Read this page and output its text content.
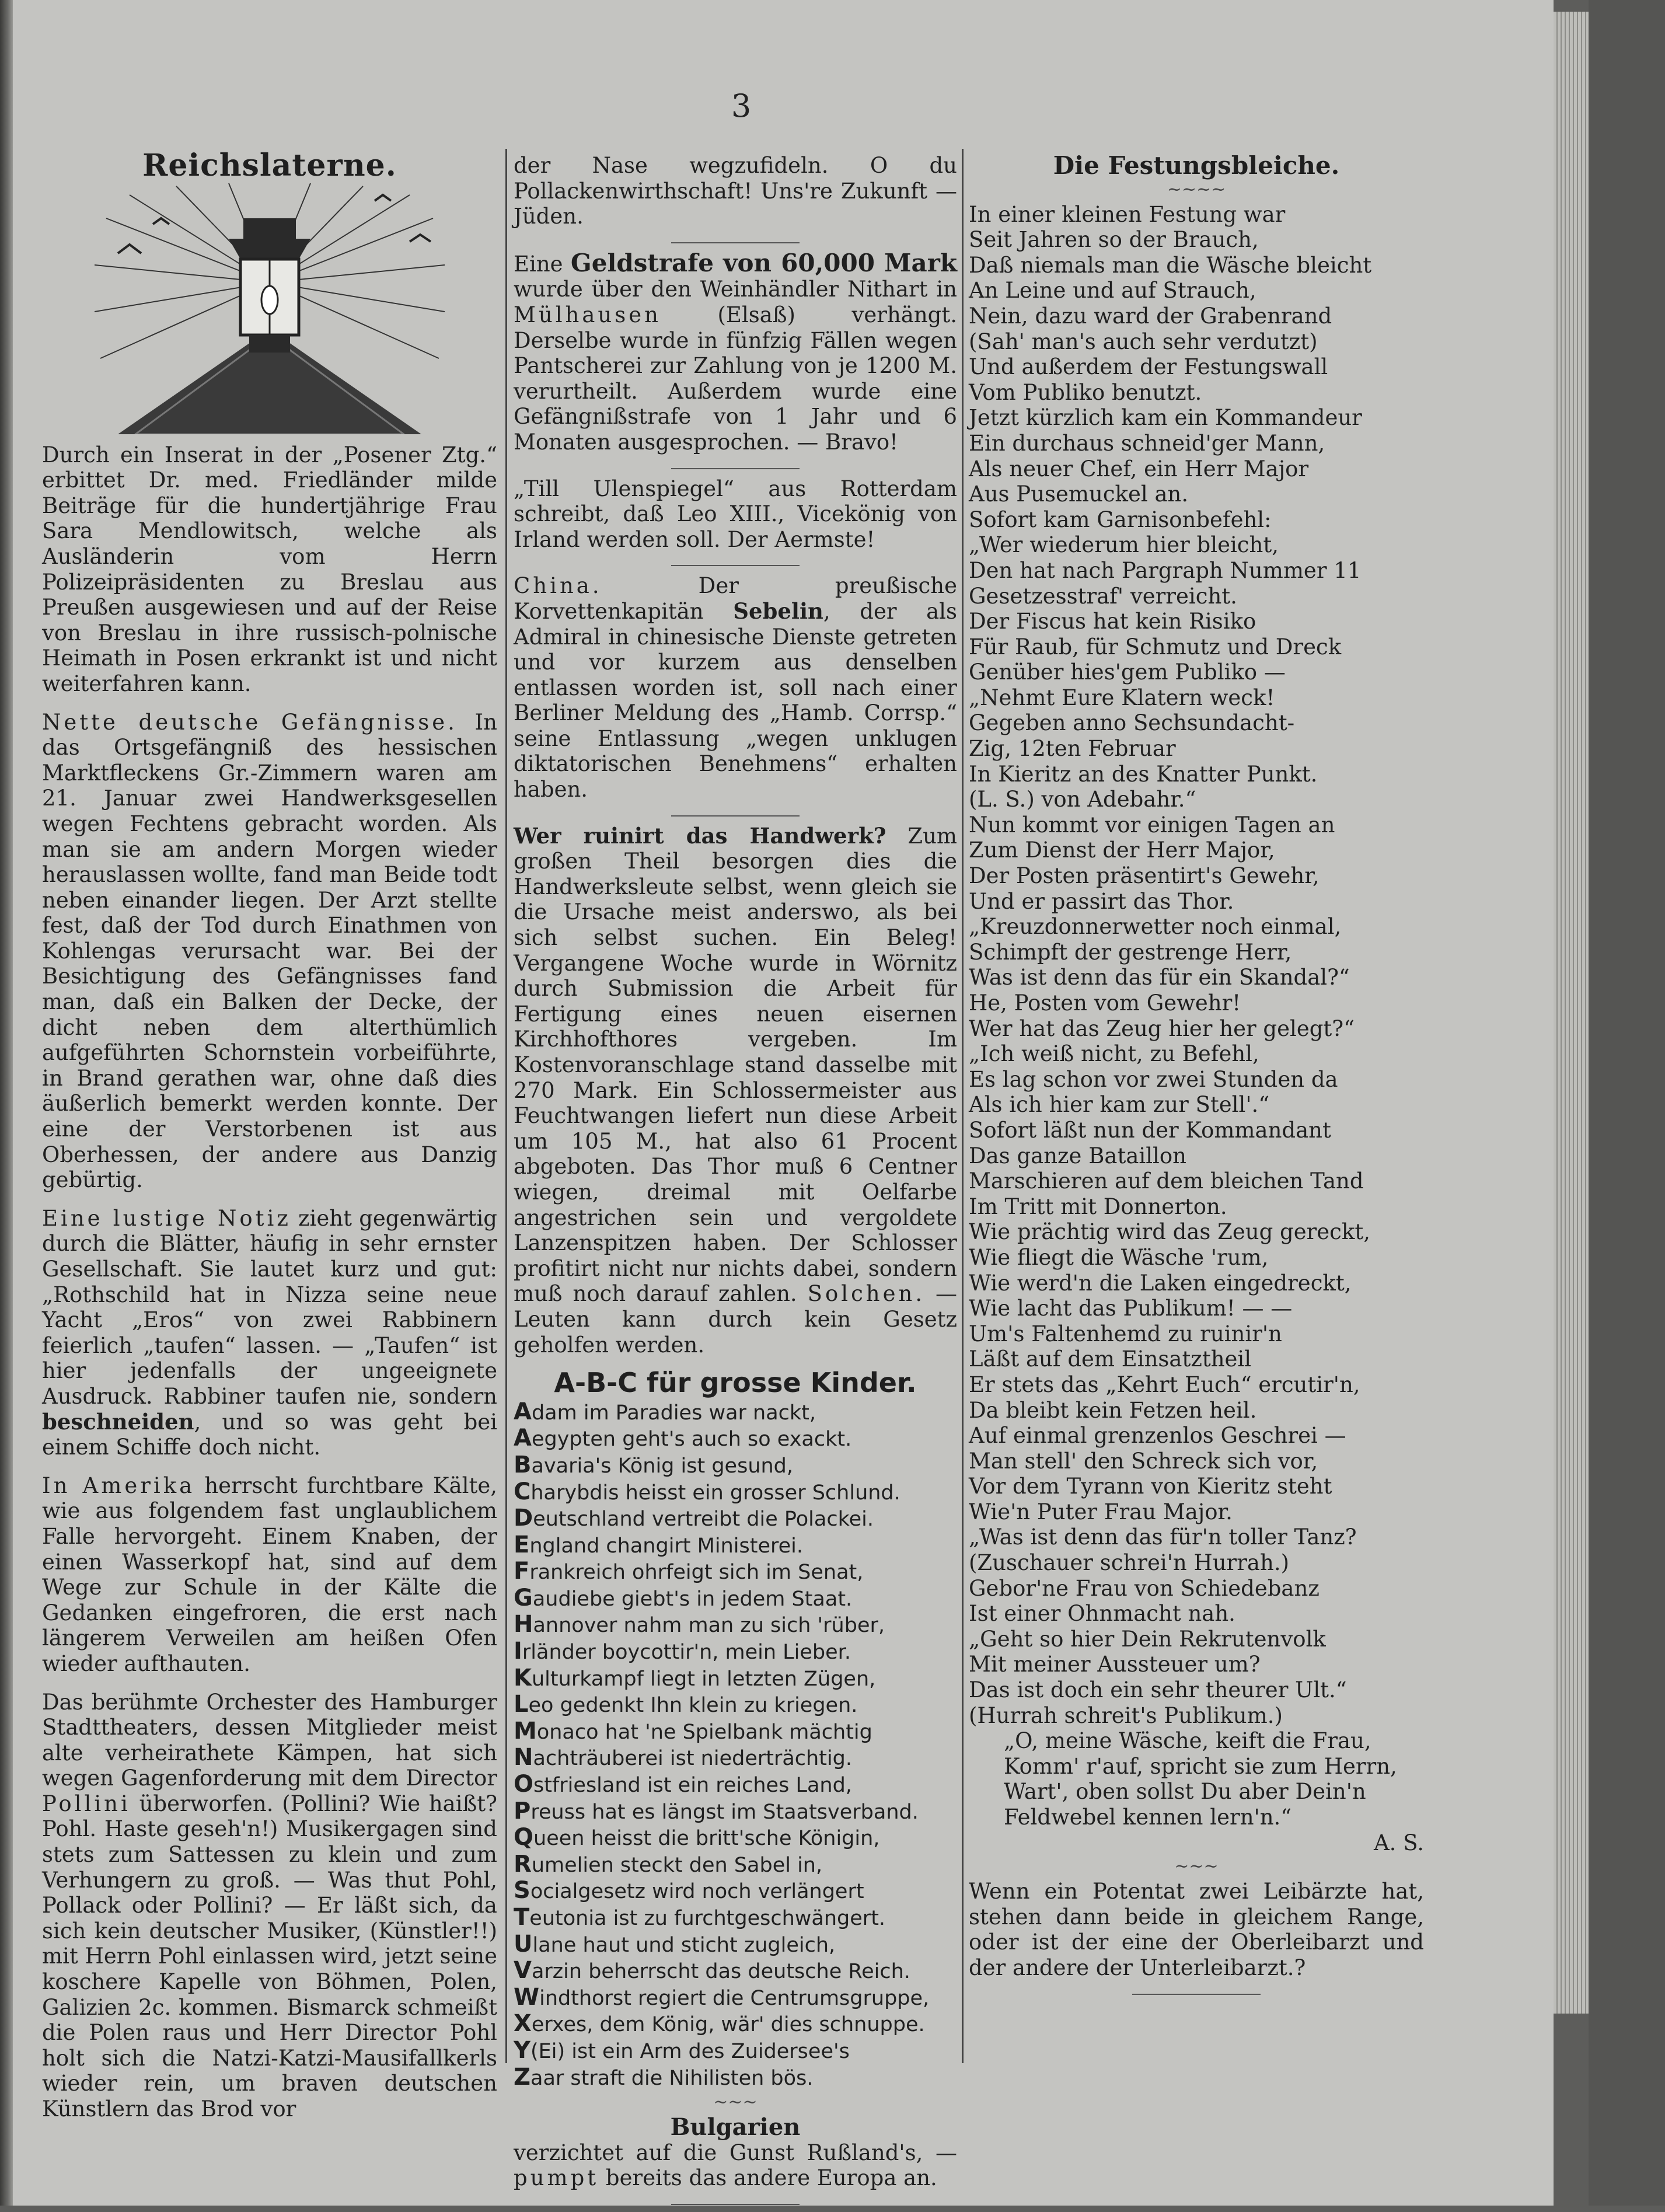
3
Reichslaterne.

Durch ein Inserat in der „Posener Ztg.“ erbittet Dr. med. Friedländer milde Beiträge für die hundertjährige Frau Sara Mendlowitsch, welche als Ausländerin vom Herrn Polizeipräsidenten zu Breslau aus Preußen ausgewiesen und auf der Reise von Breslau in ihre russisch-polnische Heimath in Posen erkrankt ist und nicht weiterfahren kann.

Nette deutsche Gefängnisse. In das Ortsgefängniß des hessischen Marktfleckens Gr.-Zimmern waren am 21. Januar zwei Handwerksgesellen wegen Fechtens gebracht worden. Als man sie am andern Morgen wieder herauslassen wollte, fand man Beide todt neben einander liegen. Der Arzt stellte fest, daß der Tod durch Einathmen von Kohlengas verursacht war. Bei der Besichtigung des Gefängnisses fand man, daß ein Balken der Decke, der dicht neben dem alterthümlich aufgeführten Schornstein vorbeiführte, in Brand gerathen war, ohne daß dies äußerlich bemerkt werden konnte. Der eine der Verstorbenen ist aus Oberhessen, der andere aus Danzig gebürtig.

Eine lustige Notiz zieht gegenwärtig durch die Blätter, häufig in sehr ernster Gesellschaft. Sie lautet kurz und gut: „Rothschild hat in Nizza seine neue Yacht „Eros“ von zwei Rabbinern feierlich „taufen“ lassen. — „Taufen“ ist hier jedenfalls der ungeeignete Ausdruck. Rabbiner taufen nie, sondern beschneiden, und so was geht bei einem Schiffe doch nicht.

In Amerika herrscht furchtbare Kälte, wie aus folgendem fast unglaublichem Falle hervorgeht. Einem Knaben, der einen Wasserkopf hat, sind auf dem Wege zur Schule in der Kälte die Gedanken eingefroren, die erst nach längerem Verweilen am heißen Ofen wieder aufthauten.

Das berühmte Orchester des Hamburger Stadttheaters, dessen Mitglieder meist alte verheirathete Kämpen, hat sich wegen Gagenforderung mit dem Director Pollini überworfen. (Pollini? Wie haißt? Pohl. Haste geseh'n!) Musikergagen sind stets zum Sattessen zu klein und zum Verhungern zu groß. — Was thut Pohl, Pollack oder Pollini? — Er läßt sich, da sich kein deutscher Musiker, (Künstler!!) mit Herrn Pohl einlassen wird, jetzt seine koschere Kapelle von Böhmen, Polen, Galizien 2c. kommen. Bismarck schmeißt die Polen raus und Herr Director Pohl holt sich die Natzi-Katzi-Mausifallkerls wieder rein, um braven deutschen Künstlern das Brod vor

der Nase wegzufideln. O du Pollackenwirthschaft! Uns're Zukunft — Jüden.

Eine Geldstrafe von 60,000 Mark wurde über den Weinhändler Nithart in Mülhausen	(Elsaß) verhängt. Derselbe wurde in fünfzig Fällen wegen Pantscherei zur Zahlung von je 1200 M. verurtheilt. Außerdem wurde eine Gefängnißstrafe von 1 Jahr und 6 Monaten ausgesprochen. — Bravo!

„Till Ulenspiegel“ aus Rotterdam schreibt, daß Leo XIII., Vicekönig von Irland werden soll. Der Aermste!

China.	Der preußische Korvettenkapitän Sebelin, der als Admiral in chinesische Dienste getreten und vor kurzem aus denselben entlassen worden ist, soll nach einer Berliner Meldung des „Hamb. Corrsp.“ seine Entlassung „wegen unklugen diktatorischen Benehmens“ erhalten haben.

Wer ruinirt das Handwerk? Zum großen Theil besorgen dies die Handwerksleute selbst, wenn gleich sie die Ursache meist anderswo, als bei sich selbst suchen. Ein Beleg! Vergangene Woche wurde in Wörnitz durch Submission die Arbeit für Fertigung eines neuen eisernen Kirchhofthores vergeben. Im Kostenvoranschlage stand dasselbe mit 270 Mark. Ein Schlossermeister aus Feuchtwangen liefert nun diese Arbeit um 105 M., hat also 61 Procent abgeboten. Das Thor muß 6 Centner wiegen, dreimal mit Oelfarbe angestrichen sein und vergoldete Lanzenspitzen haben. Der Schlosser profitirt nicht nur nichts dabei, sondern muß noch darauf zahlen. Solchen. — Leuten kann durch kein Gesetz geholfen werden.

A-B-C für grosse Kinder.
Adam im Paradies war nackt,
Aegypten geht's auch so exackt.
Bavaria's König ist gesund,
Charybdis heisst ein grosser Schlund.
Deutschland vertreibt die Polackei.
England changirt Ministerei.
Frankreich ohrfeigt sich im Senat,
Gaudiebe giebt's in jedem Staat.
Hannover nahm man zu sich 'rüber,
Irländer boycottir'n, mein Lieber.
Kulturkampf liegt in letzten Zügen,
Leo gedenkt Ihn klein zu kriegen.
Monaco hat 'ne Spielbank mächtig
Nachträuberei ist niederträchtig.
Ostfriesland ist ein reiches Land,
Preuss hat es längst im Staatsverband.
Queen heisst die britt'sche Königin,
Rumelien steckt den Sabel in,
Socialgesetz wird noch verlängert
Teutonia ist zu furchtgeschwängert.
Ulane haut und sticht zugleich,
Varzin beherrscht das deutsche Reich.
Windthorst regiert die Centrumsgruppe,
Xerxes, dem König, wär' dies schnuppe.
Y(Ei) ist ein Arm des Zuidersee's
Zaar straft die Nihilisten bös.
~~~
Bulgarien

verzichtet auf die Gunst Rußland's, — pumpt bereits das andere Europa an.

Die Festungsbleiche.
~~~~
In einer kleinen Festung war
Seit Jahren so der Brauch,
Daß niemals man die Wäsche bleicht
An Leine und auf Strauch,
Nein, dazu ward der Grabenrand
(Sah' man's auch sehr verdutzt)
Und außerdem der Festungswall
Vom Publiko benutzt.
Jetzt kürzlich kam ein Kommandeur
Ein durchaus schneid'ger Mann,
Als neuer Chef, ein Herr Major
Aus Pusemuckel an.
Sofort kam Garnisonbefehl:
„Wer wiederum hier bleicht,
Den hat nach Pargraph Nummer 11
Gesetzesstraf' verreicht.
Der Fiscus hat kein Risiko
Für Raub, für Schmutz und Dreck
Genüber hies'gem Publiko —
„Nehmt Eure Klatern weck!
Gegeben anno Sechsundacht-
Zig, 12ten Februar
In Kieritz an des Knatter Punkt.
(L. S.) von Adebahr.“
Nun kommt vor einigen Tagen an
Zum Dienst der Herr Major,
Der Posten präsentirt's Gewehr,
Und er passirt das Thor.
„Kreuzdonnerwetter noch einmal,
Schimpft der gestrenge Herr,
Was ist denn das für ein Skandal?“
He, Posten vom Gewehr!
Wer hat das Zeug hier her gelegt?“
„Ich weiß nicht, zu Befehl,
Es lag schon vor zwei Stunden da
Als ich hier kam zur Stell'.“
Sofort läßt nun der Kommandant
Das ganze Bataillon
Marschieren auf dem bleichen Tand
Im Tritt mit Donnerton.
Wie prächtig wird das Zeug gereckt,
Wie fliegt die Wäsche 'rum,
Wie werd'n die Laken eingedreckt,
Wie lacht das Publikum! — —
Um's Faltenhemd zu ruinir'n
Läßt auf dem Einsatztheil
Er stets das „Kehrt Euch“ ercutir'n,
Da bleibt kein Fetzen heil.
Auf einmal grenzenlos Geschrei —
Man stell' den Schreck sich vor,
Vor dem Tyrann von Kieritz steht
Wie'n Puter Frau Major.
„Was ist denn das für'n toller Tanz?
(Zuschauer schrei'n Hurrah.)
Gebor'ne Frau von Schiedebanz
Ist einer Ohnmacht nah.
„Geht so hier Dein Rekrutenvolk
Mit meiner Aussteuer um?
Das ist doch ein sehr theurer Ult.“
(Hurrah schreit's Publikum.)
„O, meine Wäsche, keift die Frau,
Komm' r'auf, spricht sie zum Herrn,
Wart', oben sollst Du aber Dein'n
Feldwebel kennen lern'n.“
A. S.
~~~

Wenn ein Potentat zwei Leibärzte hat, stehen dann beide in gleichem Range, oder ist der eine der Oberleibarzt und der andere der Unterleibarzt.?
